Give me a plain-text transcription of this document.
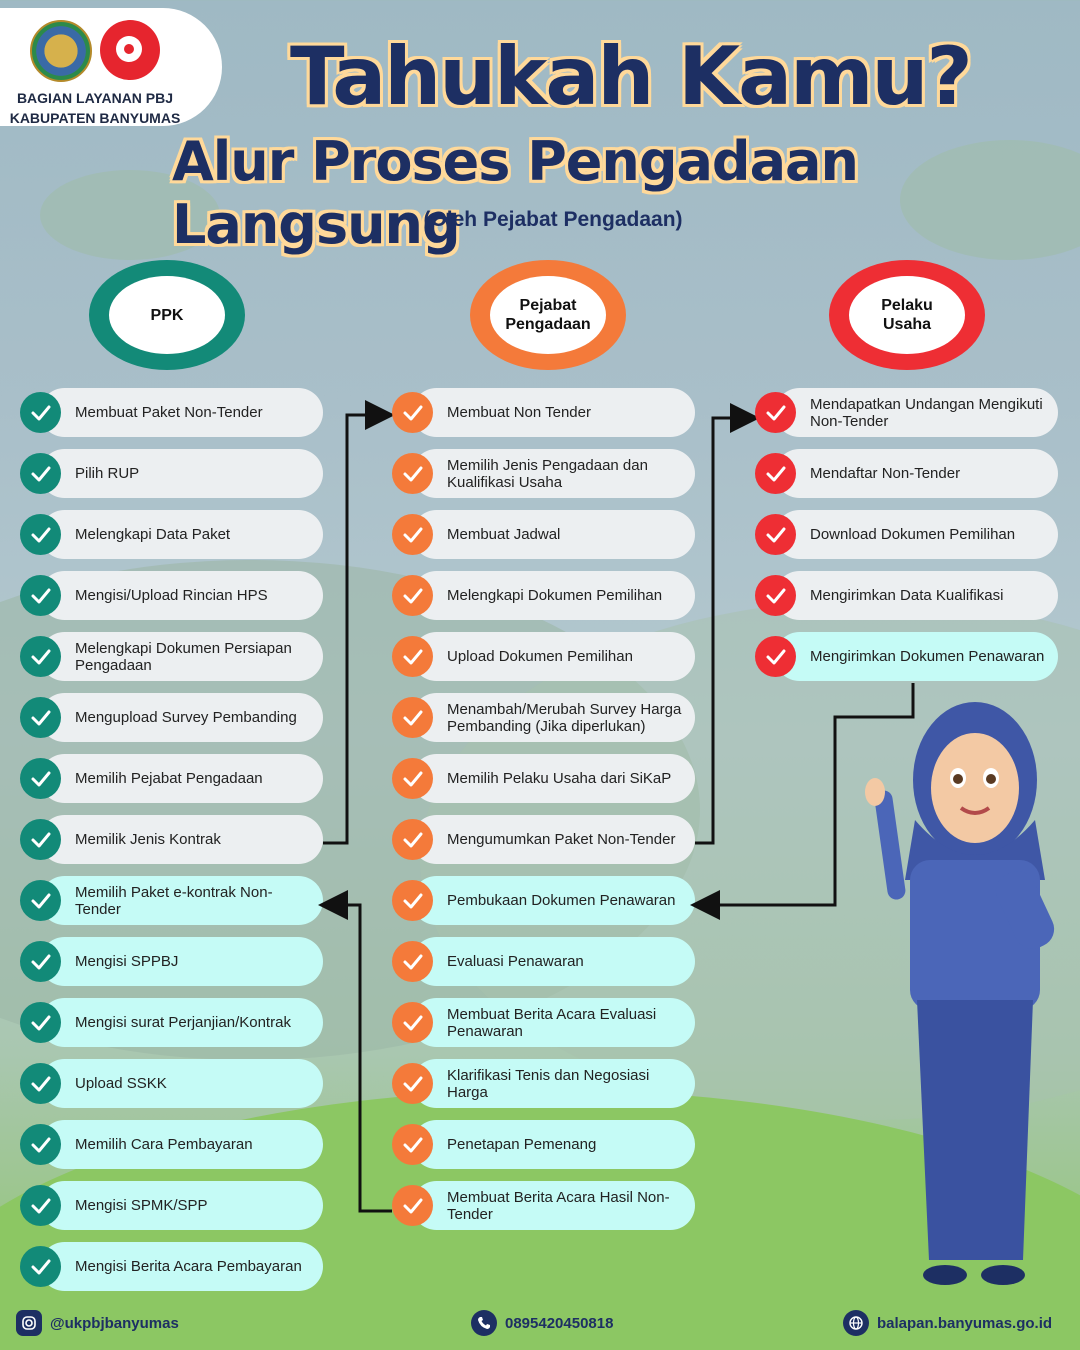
BAGIAN LAYANAN PBJ
KABUPATEN BANYUMAS Tahukah Kamu?
Alur Proses Pengadaan Langsung
(Oleh Pejabat Pengadaan)
PPK
Pejabat
Pengadaan
Pelaku
Usaha
Membuat Paket Non-Tender
Pilih RUP
Melengkapi Data Paket
Mengisi/Upload Rincian HPS
Melengkapi Dokumen Persiapan Pengadaan
Mengupload Survey Pembanding
Memilih Pejabat Pengadaan
Memilik Jenis Kontrak
Memilih Paket e-kontrak Non-Tender
Mengisi SPPBJ
Mengisi surat Perjanjian/Kontrak
Upload SSKK
Memilih Cara Pembayaran
Mengisi SPMK/SPP
Mengisi Berita Acara Pembayaran
Membuat Non Tender
Memilih Jenis Pengadaan dan Kualifikasi Usaha
Membuat Jadwal
Melengkapi Dokumen Pemilihan
Upload Dokumen Pemilihan
Menambah/Merubah Survey Harga Pembanding (Jika diperlukan)
Memilih Pelaku Usaha dari SiKaP
Mengumumkan Paket Non-Tender
Pembukaan Dokumen Penawaran
Evaluasi Penawaran
Membuat Berita Acara Evaluasi Penawaran
Klarifikasi Tenis dan Negosiasi Harga
Penetapan Pemenang
Membuat Berita Acara Hasil Non-Tender
Mendapatkan Undangan Mengikuti Non-Tender
Mendaftar Non-Tender
Download Dokumen Pemilihan
Mengirimkan Data Kualifikasi
Mengirimkan Dokumen Penawaran
@ukpbjbanyumas	0895420450818	balapan.banyumas.go.id
